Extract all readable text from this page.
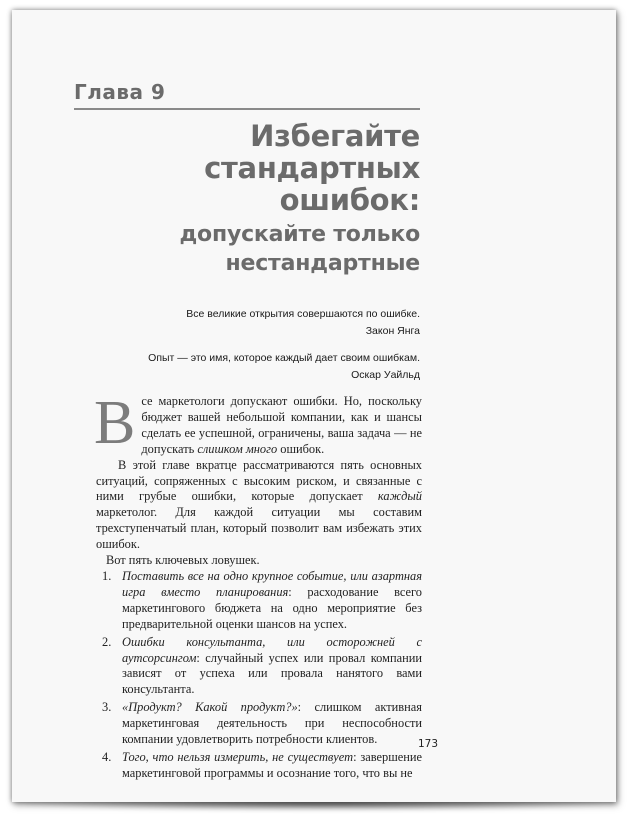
Глава 9
Избегайте стандартных
ошибок:
допускайте только
нестандартные
Все великие открытия совершаются по ошибке.
Закон Янга
Опыт — это имя, которое каждый дает своим ошибкам.
Оскар Уайльд

Все маркетологи допускают ошибки. Но, поскольку бюджет вашей небольшой компании, как и шансы сделать ее успешной, ограничены, ваша задача — не допускать слишком много ошибок.

В этой главе вкратце рассматриваются пять основных ситуаций, сопряженных с высоким риском, и связанные с ними грубые ошибки, которые допускает каждый маркетолог. Для каждой ситуации мы составим трехступенчатый план, который позволит вам избежать этих ошибок.

Вот пять ключевых ловушек.

1. Поставить все на одно крупное событие, или азартная игра вместо планирования: расходование всего маркетингового бюджета на одно мероприятие без предварительной оценки шансов на успех.
2. Ошибки консультанта, или осторожней с аутсорсингом: случайный успех или провал компании зависят от успеха или провала нанятого вами консультанта.
3. «Продукт? Какой продукт?»: слишком активная маркетинговая деятельность при неспособности компании удовлетворить потребности клиентов.
4. Того, что нельзя измерить, не существует: завершение маркетинговой программы и осознание того, что вы не
173
